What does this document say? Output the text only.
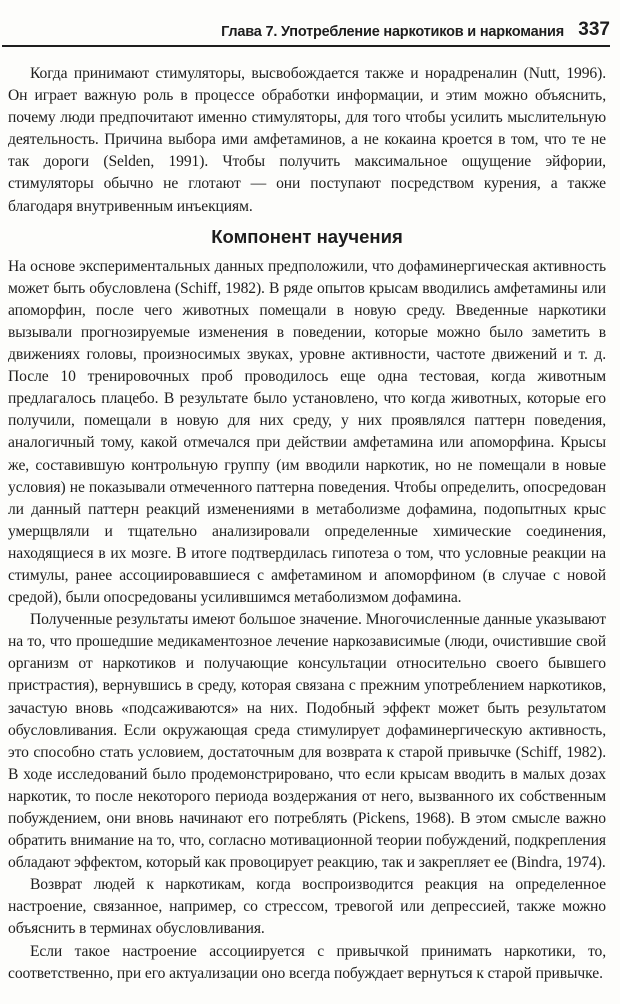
Глава 7. Употребление наркотиков и наркомания 337

Когда принимают стимуляторы, высвобождается также и норадреналин (Nutt, 1996). Он играет важную роль в процессе обработки информации, и этим можно объяснить, почему люди предпочитают именно стимуляторы, для того чтобы усилить мыслительную деятельность. Причина выбора ими амфетаминов, а не кокаина кроется в том, что те не так дороги (Selden, 1991). Чтобы получить максимальное ощущение эйфории, стимуляторы обычно не глотают — они поступают посредством курения, а также благодаря внутривенным инъекциям.

Компонент научения

На основе экспериментальных данных предположили, что дофаминергическая активность может быть обусловлена (Schiff, 1982). В ряде опытов крысам вводились амфетамины или апоморфин, после чего животных помещали в новую среду. Введенные наркотики вызывали прогнозируемые изменения в поведении, которые можно было заметить в движениях головы, произносимых звуках, уровне активности, частоте движений и т. д. После 10 тренировочных проб проводилось еще одна тестовая, когда животным предлагалось плацебо. В результате было установлено, что когда животных, которые его получили, помещали в новую для них среду, у них проявлялся паттерн поведения, аналогичный тому, какой отмечался при действии амфетамина или апоморфина. Крысы же, составившую контрольную группу (им вводили наркотик, но не помещали в новые условия) не показывали отмеченного паттерна поведения. Чтобы определить, опосредован ли данный паттерн реакций изменениями в метаболизме дофамина, подопытных крыс умерщвляли и тщательно анализировали определенные химические соединения, находящиеся в их мозге. В итоге подтвердилась гипотеза о том, что условные реакции на стимулы, ранее ассоциировавшиеся с амфетамином и апоморфином (в случае с новой средой), были опосредованы усилившимся метаболизмом дофамина.

Полученные результаты имеют большое значение. Многочисленные данные указывают на то, что прошедшие медикаментозное лечение наркозависимые (люди, очистившие свой организм от наркотиков и получающие консультации относительно своего бывшего пристрастия), вернувшись в среду, которая связана с прежним употреблением наркотиков, зачастую вновь «подсаживаются» на них. Подобный эффект может быть результатом обусловливания. Если окружающая среда стимулирует дофаминергическую активность, это способно стать условием, достаточным для возврата к старой привычке (Schiff, 1982). В ходе исследований было продемонстрировано, что если крысам вводить в малых дозах наркотик, то после некоторого периода воздержания от него, вызванного их собственным побуждением, они вновь начинают его потреблять (Pickens, 1968). В этом смысле важно обратить внимание на то, что, согласно мотивационной теории побуждений, подкрепления обладают эффектом, который как провоцирует реакцию, так и закрепляет ее (Bindra, 1974).

Возврат людей к наркотикам, когда воспроизводится реакция на определенное настроение, связанное, например, со стрессом, тревогой или депрессией, также можно объяснить в терминах обусловливания.

Если такое настроение ассоциируется с привычкой принимать наркотики, то, соответственно, при его актуализации оно всегда побуждает вернуться к старой привычке.
